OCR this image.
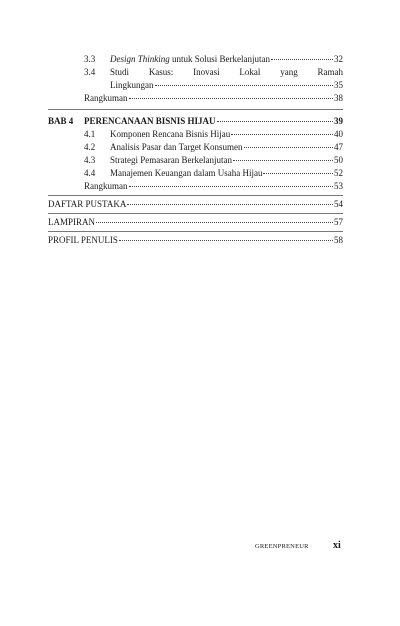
3.3	Design Thinking untuk Solusi Berkelanjutan	32
3.4	Studi Kasus: Inovasi Lokal yang Ramah
Lingkungan	35
Rangkuman	38
BAB 4	PERENCANAAN BISNIS HIJAU	39
4.1	Komponen Rencana Bisnis Hijau	40
4.2	Analisis Pasar dan Target Konsumen	47
4.3	Strategi Pemasaran Berkelanjutan	50
4.4	Manajemen Keuangan dalam Usaha Hijau	52
Rangkuman	53
DAFTAR PUSTAKA	54
LAMPIRAN	57
PROFIL PENULIS	58
GREENPRENEUR xi
